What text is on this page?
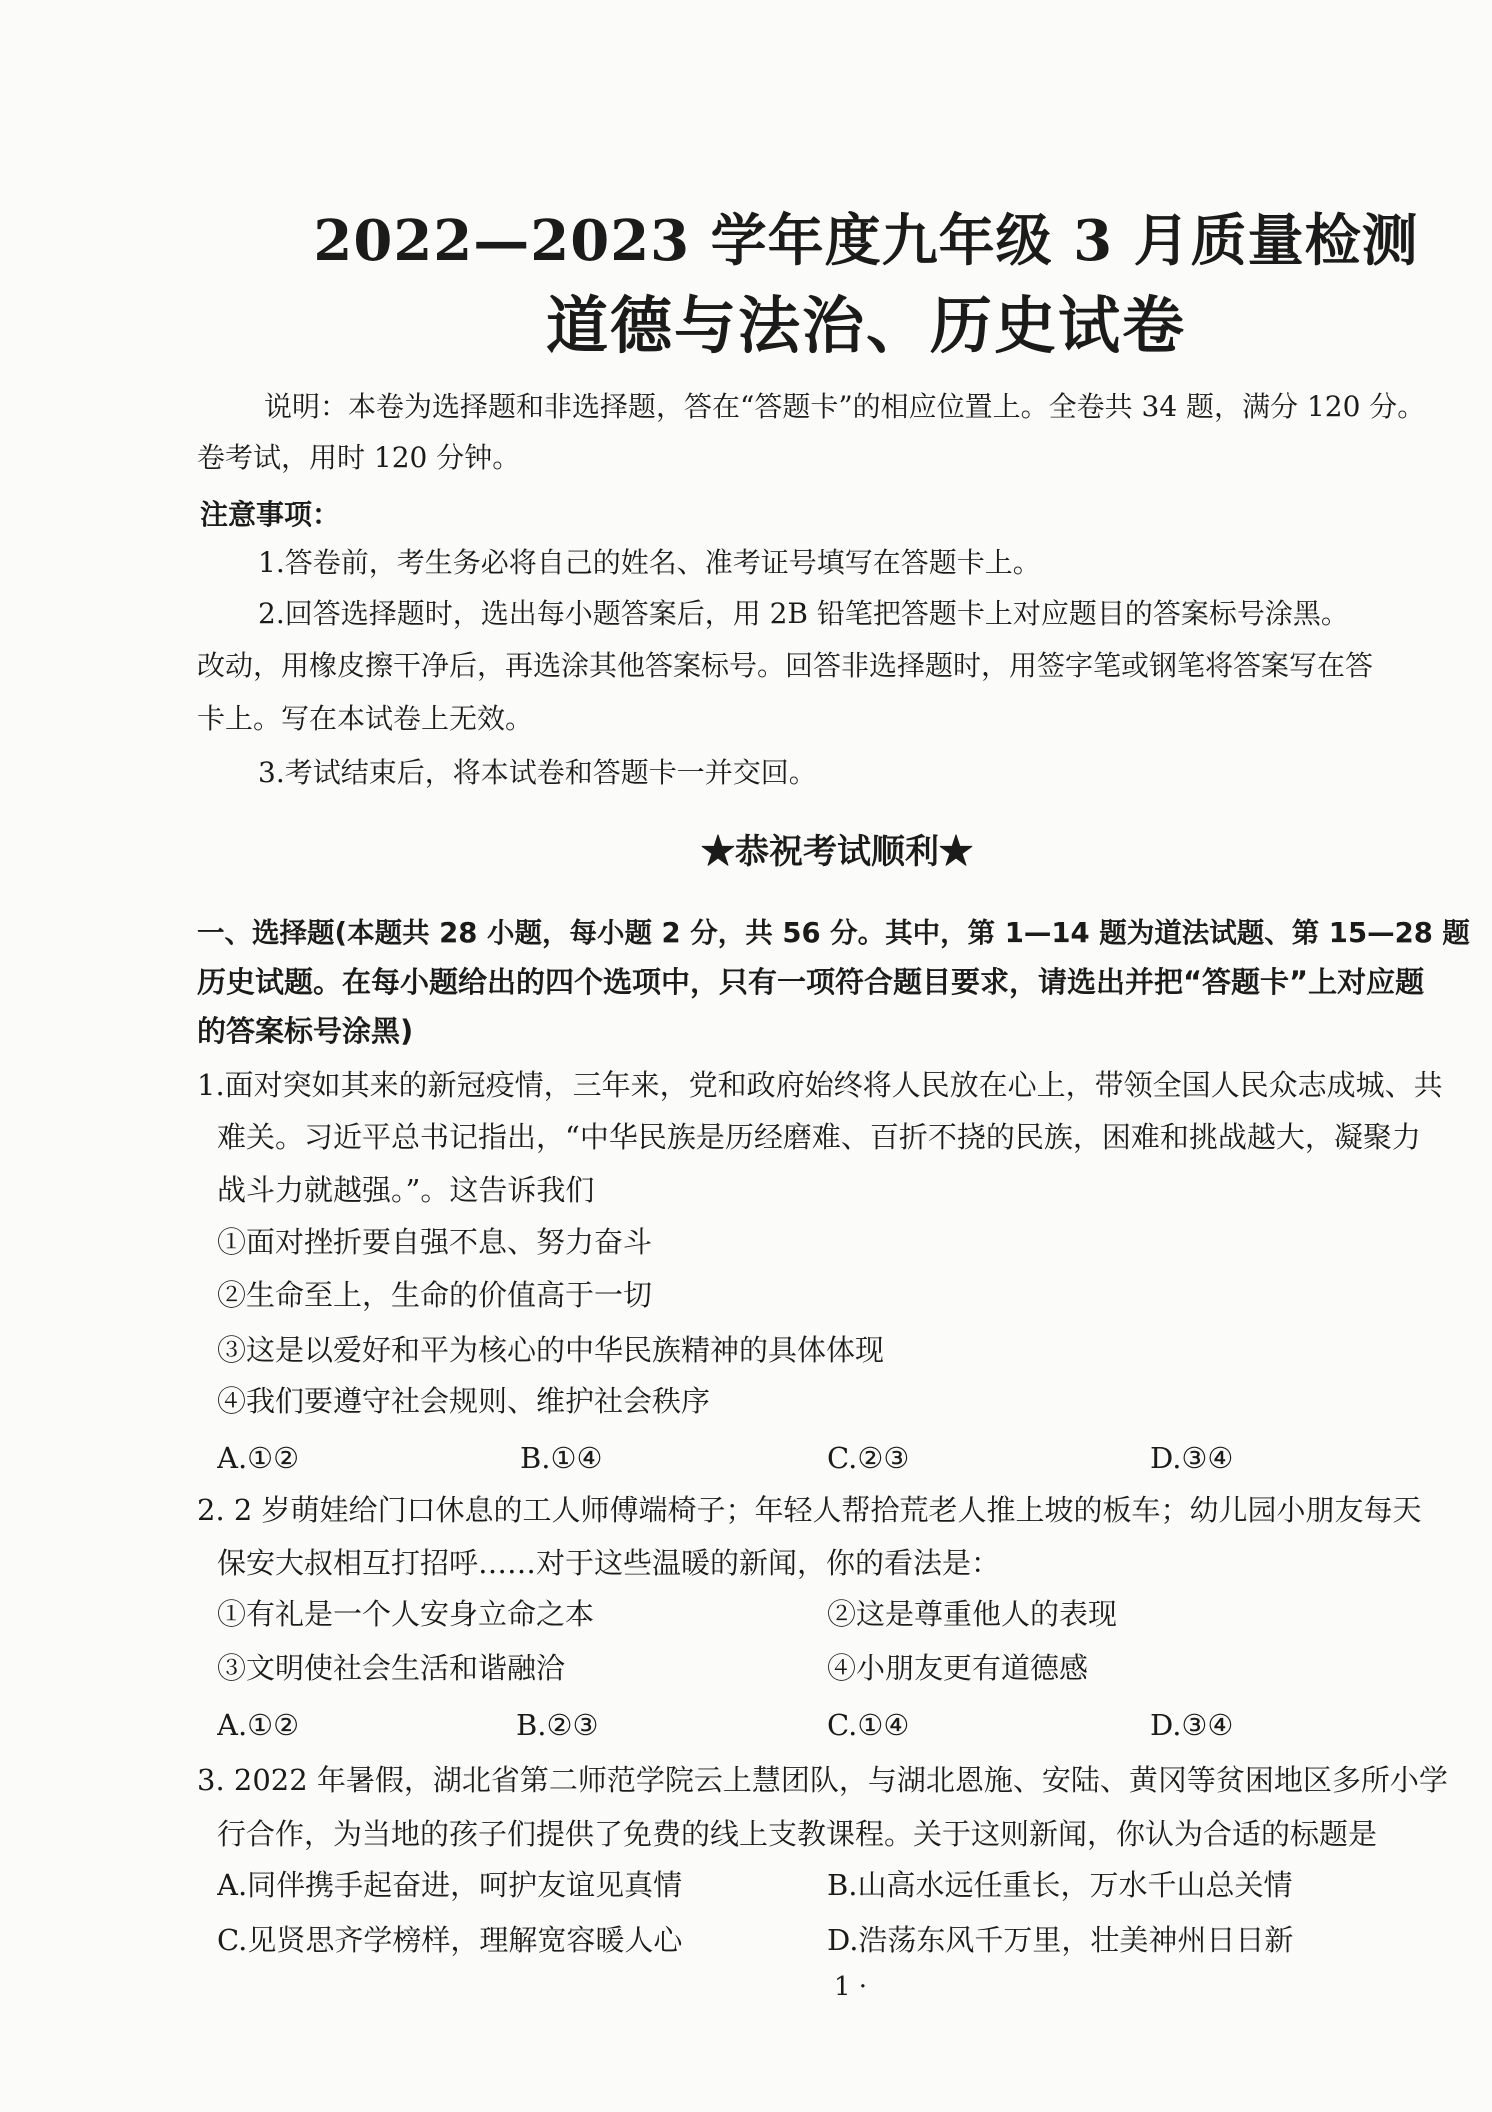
2022—2023 学年度九年级 3 月质量检测
道德与法治、历史试卷
说明：本卷为选择题和非选择题，答在“答题卡”的相应位置上。全卷共 34 题，满分 120 分。
卷考试，用时 120 分钟。
注意事项：
1.答卷前，考生务必将自己的姓名、准考证号填写在答题卡上。
2.回答选择题时，选出每小题答案后，用 2B 铅笔把答题卡上对应题目的答案标号涂黑。
改动，用橡皮擦干净后，再选涂其他答案标号。回答非选择题时，用签字笔或钢笔将答案写在答
卡上。写在本试卷上无效。
3.考试结束后，将本试卷和答题卡一并交回。
★恭祝考试顺利★
一、选择题(本题共 28 小题，每小题 2 分，共 56 分。其中，第 1—14 题为道法试题、第 15—28 题
历史试题。在每小题给出的四个选项中，只有一项符合题目要求，请选出并把“答题卡”上对应题
的答案标号涂黑)
1.面对突如其来的新冠疫情，三年来，党和政府始终将人民放在心上，带领全国人民众志成城、共
难关。习近平总书记指出，“中华民族是历经磨难、百折不挠的民族，困难和挑战越大，凝聚力
战斗力就越强。”。这告诉我们
①面对挫折要自强不息、努力奋斗
②生命至上，生命的价值高于一切
③这是以爱好和平为核心的中华民族精神的具体体现
④我们要遵守社会规则、维护社会秩序
A.①②	B.①④	C.②③	D.③④
2. 2 岁萌娃给门口休息的工人师傅端椅子；年轻人帮拾荒老人推上坡的板车；幼儿园小朋友每天
保安大叔相互打招呼……对于这些温暖的新闻，你的看法是：
①有礼是一个人安身立命之本	②这是尊重他人的表现
③文明使社会生活和谐融洽	④小朋友更有道德感
A.①②	B.②③	C.①④	D.③④
3. 2022 年暑假，湖北省第二师范学院云上慧团队，与湖北恩施、安陆、黄冈等贫困地区多所小学
行合作，为当地的孩子们提供了免费的线上支教课程。关于这则新闻，你认为合适的标题是
A.同伴携手起奋进，呵护友谊见真情	B.山高水远任重长，万水千山总关情
C.见贤思齐学榜样，理解宽容暖人心	D.浩荡东风千万里，壮美神州日日新
1 ·
